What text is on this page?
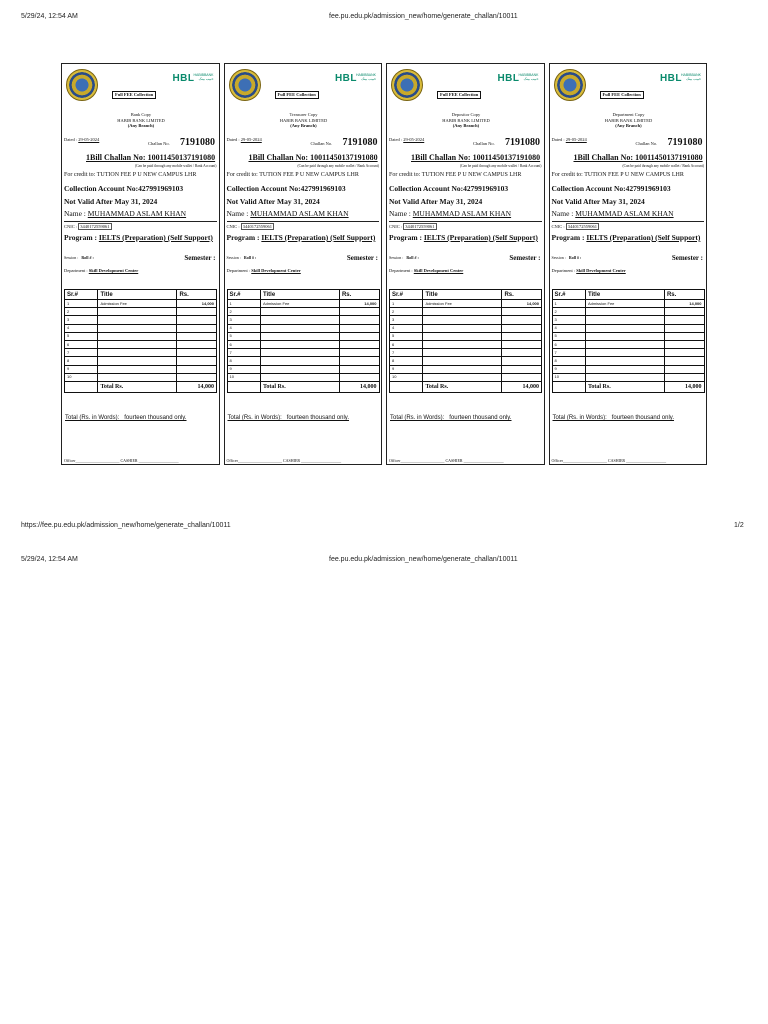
5/29/24, 12:54 AM	fee.pu.edu.pk/admission_new/home/generate_challan/10011
HBL
HABIBBANK
حبیب بینک
Full FEE Collection
Bank Copy
HABIB BANK LIMITED
(Any Branch)
Dated : 29-05-2024
Challan No. 7191080
1Bill Challan No: 10011450137191080
(Can be paid through any mobile wallet / Bank Account)
For credit to: TUTION FEE P U NEW CAMPUS LHR
Collection Account No:427991969103
Not Valid After May 31, 2024
Name : MUHAMMAD ASLAM KHAN
CNIC : 3440172559061
Program : IELTS (Preparation) (Self Support)
Session : Roll # :	Semester :
Department : Skill Development Center
Sr.#	Title	Rs.
1	Admission Fee	14,000
2		
3		
4		
5		
6		
7		
8		
9		
10		
	Total Rs.	14,000
Total (Rs. in Words):_ fourteen thousand only.
Officer______________________ CASHIER ____________________
HBL
HABIBBANK
حبیب بینک
Full FEE Collection
Treasurer Copy
HABIB BANK LIMITED
(Any Branch)
Dated : 29-05-2024
Challan No. 7191080
1Bill Challan No: 10011450137191080
(Can be paid through any mobile wallet / Bank Account)
For credit to: TUTION FEE P U NEW CAMPUS LHR
Collection Account No:427991969103
Not Valid After May 31, 2024
Name : MUHAMMAD ASLAM KHAN
CNIC : 3440172559061
Program : IELTS (Preparation) (Self Support)
Session : Roll # :	Semester :
Department : Skill Development Center
Sr.#	Title	Rs.
1	Admission Fee	14,000
2		
3		
4		
5		
6		
7		
8		
9		
10		
	Total Rs.	14,000
Total (Rs. in Words):_ fourteen thousand only.
Officer______________________ CASHIER ____________________
HBL
HABIBBANK
حبیب بینک
Full FEE Collection
Depositor Copy
HABIB BANK LIMITED
(Any Branch)
Dated : 29-05-2024
Challan No. 7191080
1Bill Challan No: 10011450137191080
(Can be paid through any mobile wallet / Bank Account)
For credit to: TUTION FEE P U NEW CAMPUS LHR
Collection Account No:427991969103
Not Valid After May 31, 2024
Name : MUHAMMAD ASLAM KHAN
CNIC : 3440172559061
Program : IELTS (Preparation) (Self Support)
Session : Roll # :	Semester :
Department : Skill Development Center
Sr.#	Title	Rs.
1	Admission Fee	14,000
2		
3		
4		
5		
6		
7		
8		
9		
10		
	Total Rs.	14,000
Total (Rs. in Words):_ fourteen thousand only.
Officer______________________ CASHIER ____________________
HBL
HABIBBANK
حبیب بینک
Full FEE Collection
Department Copy
HABIB BANK LIMITED
(Any Branch)
Dated : 29-05-2024
Challan No. 7191080
1Bill Challan No: 10011450137191080
(Can be paid through any mobile wallet / Bank Account)
For credit to: TUTION FEE P U NEW CAMPUS LHR
Collection Account No:427991969103
Not Valid After May 31, 2024
Name : MUHAMMAD ASLAM KHAN
CNIC : 3440172559061
Program : IELTS (Preparation) (Self Support)
Session : Roll # :	Semester :
Department : Skill Development Center
Sr.#	Title	Rs.
1	Admission Fee	14,000
2		
3		
4		
5		
6		
7		
8		
9		
10		
	Total Rs.	14,000
Total (Rs. in Words):_ fourteen thousand only.
Officer______________________ CASHIER ____________________
https://fee.pu.edu.pk/admission_new/home/generate_challan/10011	1/2
5/29/24, 12:54 AM	fee.pu.edu.pk/admission_new/home/generate_challan/10011
